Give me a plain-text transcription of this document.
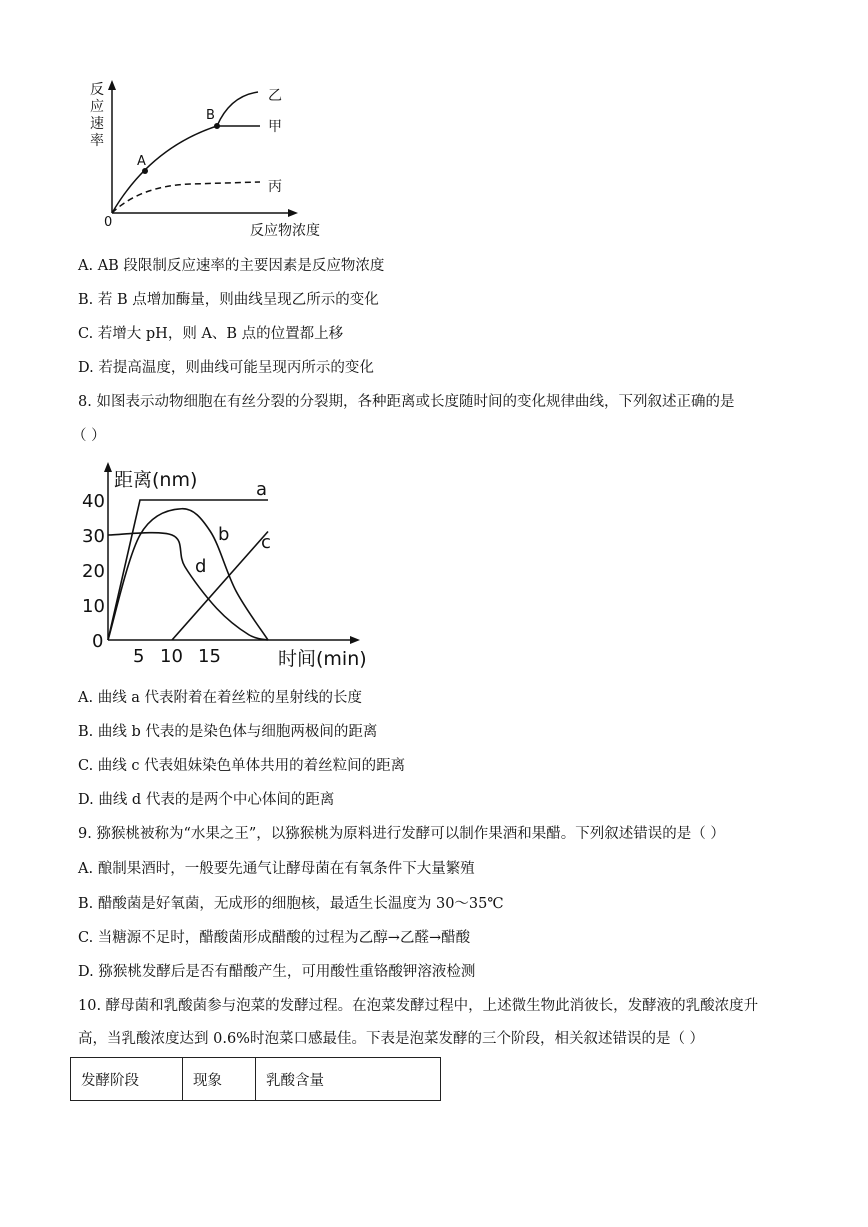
反
应
速
率
0
反应物浓度
A
B
乙
甲
丙
A. AB 段限制反应速率的主要因素是反应物浓度
B. 若 B 点增加酶量，则曲线呈现乙所示的变化
C. 若增大 pH，则 A、B 点的位置都上移
D. 若提高温度，则曲线可能呈现丙所示的变化
8. 如图表示动物细胞在有丝分裂的分裂期，各种距离或长度随时间的变化规律曲线，下列叙述正确的是
（ ）
距离(nm)
时间(min)
40
30
20
10
0
5 10 15
a
b c
d
A. 曲线 a 代表附着在着丝粒的星射线的长度
B. 曲线 b 代表的是染色体与细胞两极间的距离
C. 曲线 c 代表姐妹染色单体共用的着丝粒间的距离
D. 曲线 d 代表的是两个中心体间的距离
9. 猕猴桃被称为“水果之王”，以猕猴桃为原料进行发酵可以制作果酒和果醋。下列叙述错误的是（ ）
A. 酿制果酒时，一般要先通气让酵母菌在有氧条件下大量繁殖
B. 醋酸菌是好氧菌，无成形的细胞核，最适生长温度为 30～35℃
C. 当糖源不足时，醋酸菌形成醋酸的过程为乙醇→乙醛→醋酸
D. 猕猴桃发酵后是否有醋酸产生，可用酸性重铬酸钾溶液检测
10. 酵母菌和乳酸菌参与泡菜的发酵过程。在泡菜发酵过程中，上述微生物此消彼长，发酵液的乳酸浓度升
高，当乳酸浓度达到 0.6%时泡菜口感最佳。下表是泡菜发酵的三个阶段，相关叙述错误的是（ ）
发酵阶段	现象	乳酸含量
